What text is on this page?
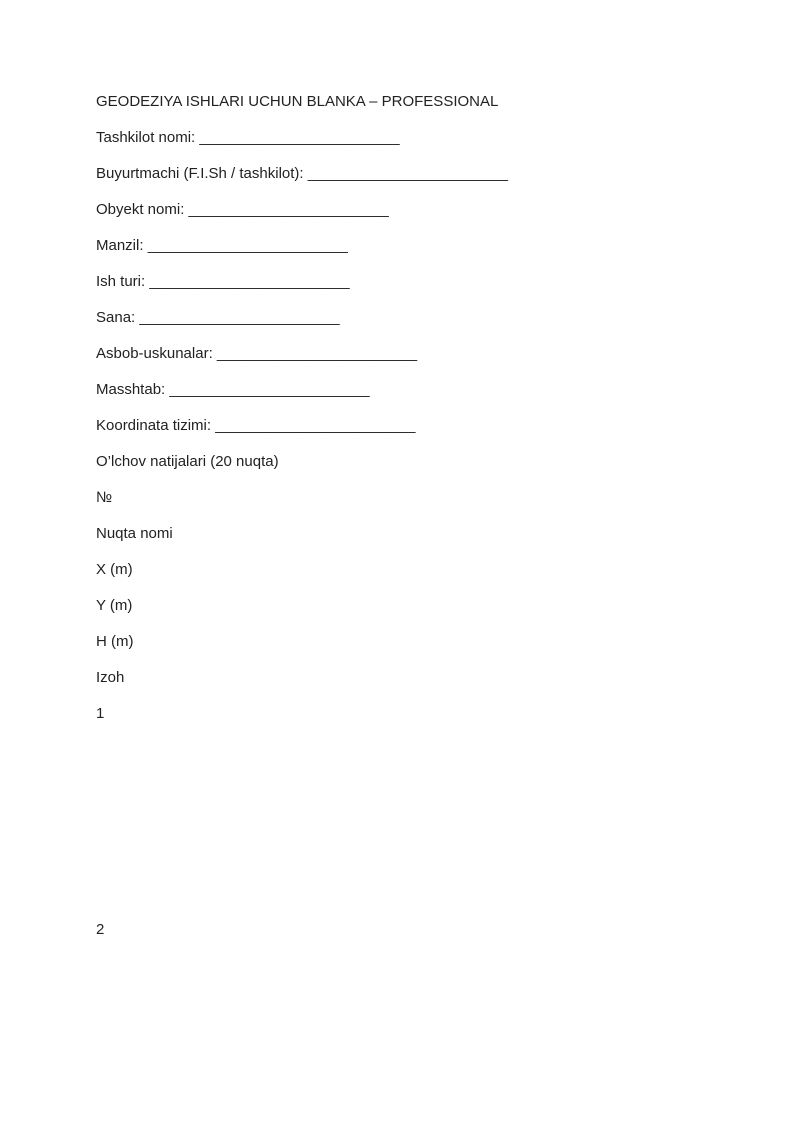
GEODEZIYA ISHLARI UCHUN BLANKA – PROFESSIONAL

Tashkilot nomi: ________________________

Buyurtmachi (F.I.Sh / tashkilot): ________________________

Obyekt nomi: ________________________

Manzil: ________________________

Ish turi: ________________________

Sana: ________________________

Asbob-uskunalar: ________________________

Masshtab: ________________________

Koordinata tizimi: ________________________

O’lchov natijalari (20 nuqta)

№

Nuqta nomi

X (m)

Y (m)

H (m)

Izoh

1

2
